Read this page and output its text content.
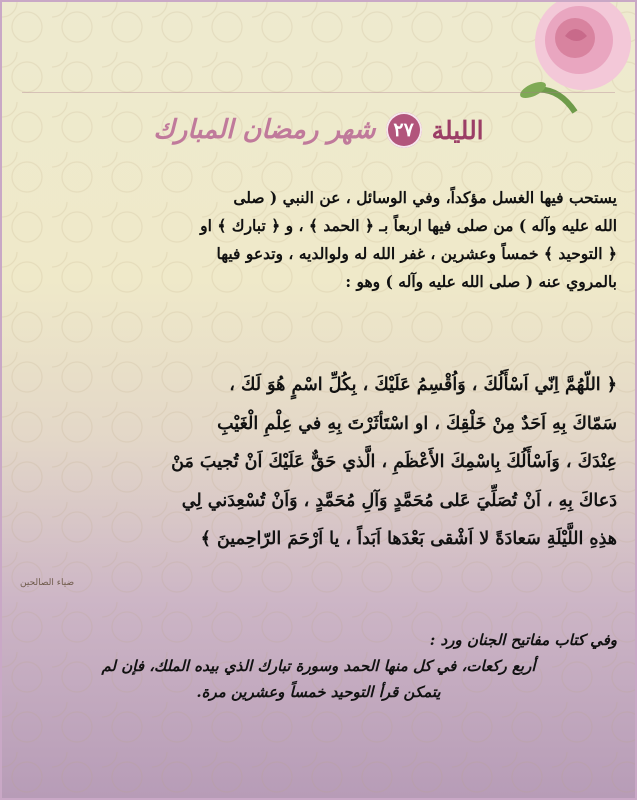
الليلة
٢٧
شهر رمضان المبارك
يستحب فيها الغسل مؤكداً، وفي الوسائل ، عن النبي ( صلى
الله عليه وآله ) من صلى فيها اربعاً بـ ﴿ الحمد ﴾ ، و ﴿ تبارك ﴾ او
﴿ التوحيد ﴾ خمساً وعشرين ، غفر الله له ولوالديه ، وتدعو فيها
بالمروي عنه ( صلى الله عليه وآله ) وهو :
﴿ اللّهُمَّ اِنّي اَسْأَلُكَ ، وَاُقْسِمُ عَلَيْكَ ، بِكُلِّ اسْمٍ هُوَ لَكَ ،
سَمّاكَ بِهِ اَحَدٌ مِنْ خَلْقِكَ ، او اسْتَأثَرْتَ بِهِ في عِلْمِ الْغَيْبِ
عِنْدَكَ ، وَاَسْأَلُكَ بِاسْمِكَ الأَعْظَمِ ، الَّذي حَقٌّ عَلَيْكَ اَنْ تُجيبَ مَنْ
دَعاكَ بِهِ ، اَنْ تُصَلِّيَ عَلى مُحَمَّدٍ وَآلِ مُحَمَّدٍ ، وَاَنْ تُسْعِدَني لِي
هذِهِ اللَّيْلَةِ سَعادَةً لا اَشْقى بَعْدَها اَبَداً ، يا اَرْحَمَ الرّاحِمينَ ﴾
ضياء الصالحين
وفي كتاب مفاتيح الجنان ورد :
أربع ركعات، في كل منها الحمد وسورة تبارك الذي بيده الملك، فإن لم
يتمكن قرأ التوحيد خمساً وعشرين مرة.
